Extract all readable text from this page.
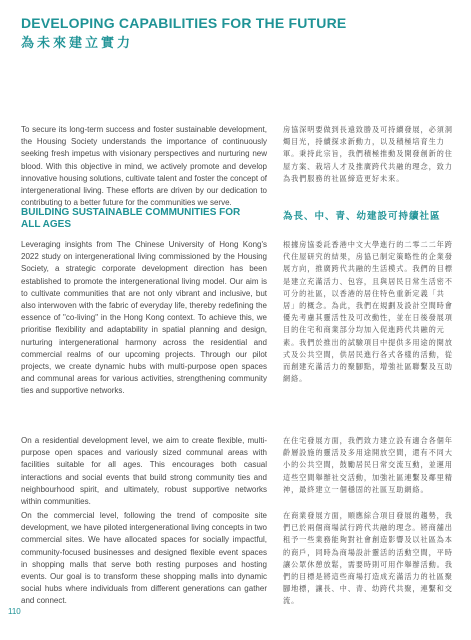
DEVELOPING CAPABILITIES FOR THE FUTURE
為未來建立實力

To secure its long-term success and foster sustainable development, the Housing Society understands the importance of continuously seeking fresh impetus with visionary perspectives and nurturing new blood. With this objective in mind, we actively promote and develop innovative housing solutions, cultivate talent and foster the concept of intergenerational living. These efforts are driven by our dedication to contributing to a better future for the communities we serve.

房協深明要做到長遠致勝及可持續發展，必須洞燭目光，持續探求新動力，以及積極培育生力軍。秉持此宗旨，我們積極推動及開發創新的住屋方案、栽培人才及推廣跨代共融的理念，致力為我們服務的社區締造更好未來。

BUILDING SUSTAINABLE COMMUNITIES FOR ALL AGES

為長、中、青、幼建設可持續社區

Leveraging insights from The Chinese University of Hong Kong's 2022 study on intergenerational living commissioned by the Housing Society, a strategic corporate development direction has been established to promote the intergenerational living model. Our aim is to cultivate communities that are not only vibrant and inclusive, but also interwoven with the fabric of everyday life, thereby redefining the essence of "co-living" in the Hong Kong context. To achieve this, we prioritise flexibility and adaptability in spatial planning and design, nurturing intergenerational harmony across the residential and commercial realms of our upcoming projects. Through our pilot projects, we create dynamic hubs with multi-purpose open spaces and communal areas for various activities, strengthening community ties and supportive networks.

根據房協委託香港中文大學進行的二零二二年跨代住屋研究的結果，房協已制定策略性的企業發展方向，推廣跨代共融的生活模式。我們的目標是建立充滿活力、包容，且與居民日常生活密不可分的社區，以香港的居住特色重新定義「共居」的概念。為此，我們在規劃及設計空間時會優先考慮其靈活性及可改動性，並在日後發展項目的住宅和商業部分均加入促進跨代共融的元素。我們於推出的試驗項目中提供多用途的開放式及公共空間，供居民進行各式各樣的活動，從而創建充滿活力的聚腳點，增強社區聯繫及互助網絡。

On a residential development level, we aim to create flexible, multi-purpose open spaces and variously sized communal areas with facilities suitable for all ages. This encourages both casual interactions and social events that build strong community ties and neighbourhood spirit, and ultimately, robust supportive networks within communities.

在住宅發展方面，我們致力建立設有適合各個年齡層設施的靈活及多用途開放空間，還有不同大小的公共空間，鼓勵居民日常交流互動，並運用這些空間舉辦社交活動，加強社區連繫及鄰里精神，最終建立一個穩固的社區互助網絡。

On the commercial level, following the trend of composite site development, we have piloted intergenerational living concepts in two commercial sites. We have allocated spaces for socially impactful, community-focused businesses and designed flexible event spaces in shopping malls that serve both resting purposes and hosting events. Our goal is to transform these shopping malls into dynamic social hubs where individuals from different generations can gather and connect.

在商業發展方面，順應綜合項目發展的趨勢，我們已於兩個商場試行跨代共融的理念。將商舖出租予一些業務能夠對社會創造影響及以社區為本的商戶，同時為商場設計靈活的活動空間，平時讓公眾休憩放鬆，需要時則可用作舉辦活動。我們的目標是將這些商場打造成充滿活力的社區聚腳地標，讓長、中、青、幼跨代共聚，連繫和交流。

110
